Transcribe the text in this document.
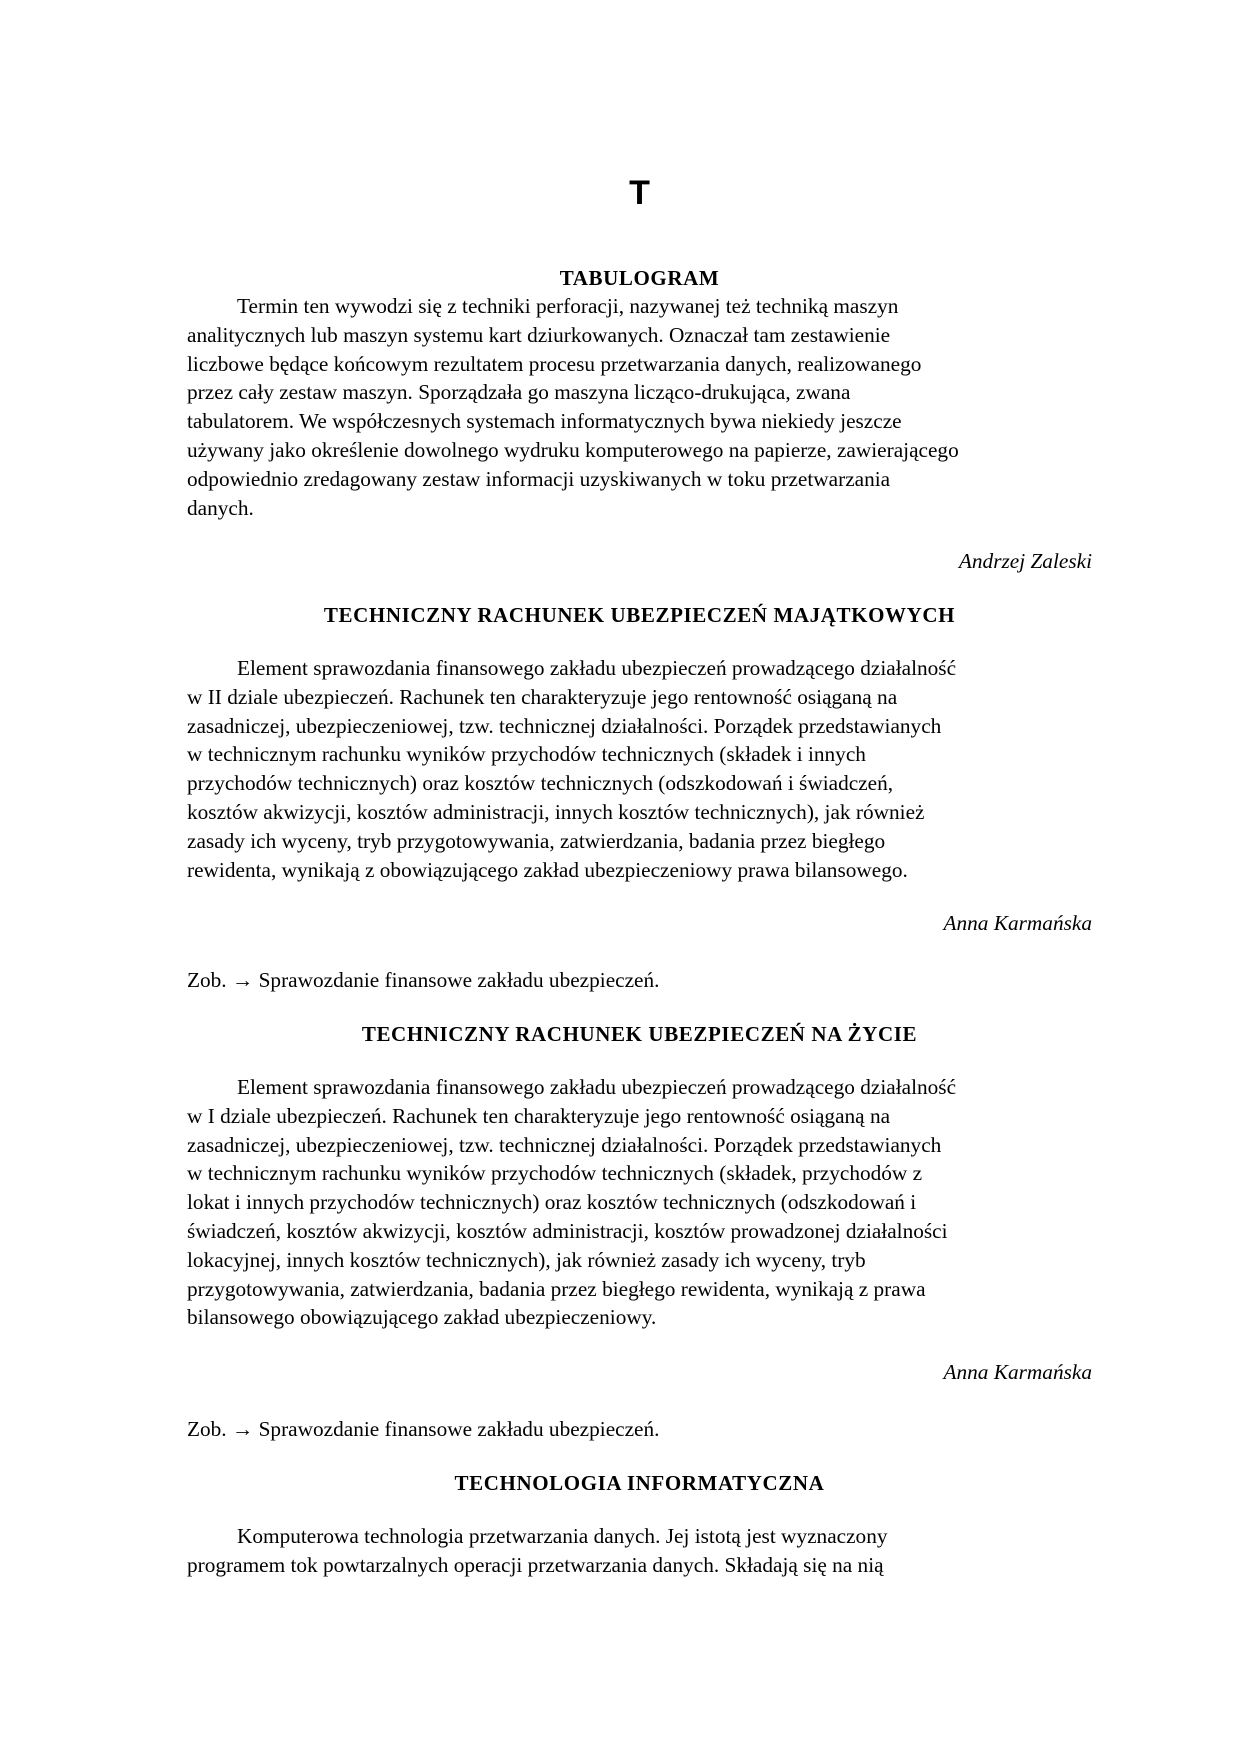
T
TABULOGRAM
Termin ten wywodzi się z techniki perforacji, nazywanej też techniką maszyn
analitycznych lub maszyn systemu kart dziurkowanych. Oznaczał tam zestawienie
liczbowe będące końcowym rezultatem procesu przetwarzania danych, realizowanego
przez cały zestaw maszyn. Sporządzała go maszyna licząco-drukująca, zwana
tabulatorem. We współczesnych systemach informatycznych bywa niekiedy jeszcze
używany jako określenie dowolnego wydruku komputerowego na papierze, zawierającego
odpowiednio zredagowany zestaw informacji uzyskiwanych w toku przetwarzania
danych.
Andrzej Zaleski
TECHNICZNY RACHUNEK UBEZPIECZEŃ MAJĄTKOWYCH
Element sprawozdania finansowego zakładu ubezpieczeń prowadzącego działalność
w II dziale ubezpieczeń. Rachunek ten charakteryzuje jego rentowność osiąganą na
zasadniczej, ubezpieczeniowej, tzw. technicznej działalności. Porządek przedstawianych
w technicznym rachunku wyników przychodów technicznych (składek i innych
przychodów technicznych) oraz kosztów technicznych (odszkodowań i świadczeń,
kosztów akwizycji, kosztów administracji, innych kosztów technicznych), jak również
zasady ich wyceny, tryb przygotowywania, zatwierdzania, badania przez biegłego
rewidenta, wynikają z obowiązującego zakład ubezpieczeniowy prawa bilansowego.
Anna Karmańska
Zob. → Sprawozdanie finansowe zakładu ubezpieczeń.
TECHNICZNY RACHUNEK UBEZPIECZEŃ NA ŻYCIE
Element sprawozdania finansowego zakładu ubezpieczeń prowadzącego działalność
w I dziale ubezpieczeń. Rachunek ten charakteryzuje jego rentowność osiąganą na
zasadniczej, ubezpieczeniowej, tzw. technicznej działalności. Porządek przedstawianych
w technicznym rachunku wyników przychodów technicznych (składek, przychodów z
lokat i innych przychodów technicznych) oraz kosztów technicznych (odszkodowań i
świadczeń, kosztów akwizycji, kosztów administracji, kosztów prowadzonej działalności
lokacyjnej, innych kosztów technicznych), jak również zasady ich wyceny, tryb
przygotowywania, zatwierdzania, badania przez biegłego rewidenta, wynikają z prawa
bilansowego obowiązującego zakład ubezpieczeniowy.
Anna Karmańska
Zob. → Sprawozdanie finansowe zakładu ubezpieczeń.
TECHNOLOGIA INFORMATYCZNA
Komputerowa technologia przetwarzania danych. Jej istotą jest wyznaczony
programem tok powtarzalnych operacji przetwarzania danych. Składają się na nią
